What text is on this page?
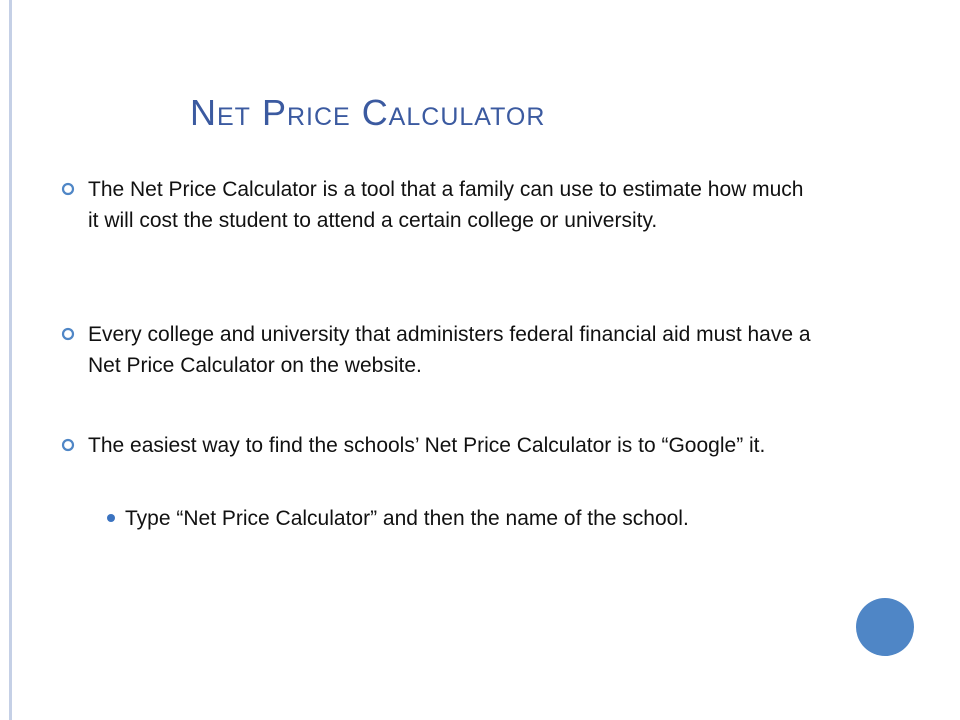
Net Price Calculator
The Net Price Calculator is a tool that a family can use to estimate how much it will cost the student to attend a certain college or university.
Every college and university that administers federal financial aid must have a Net Price Calculator on the website.
The easiest way to find the schools’ Net Price Calculator is to “Google” it.
Type “Net Price Calculator” and then the name of the school.
